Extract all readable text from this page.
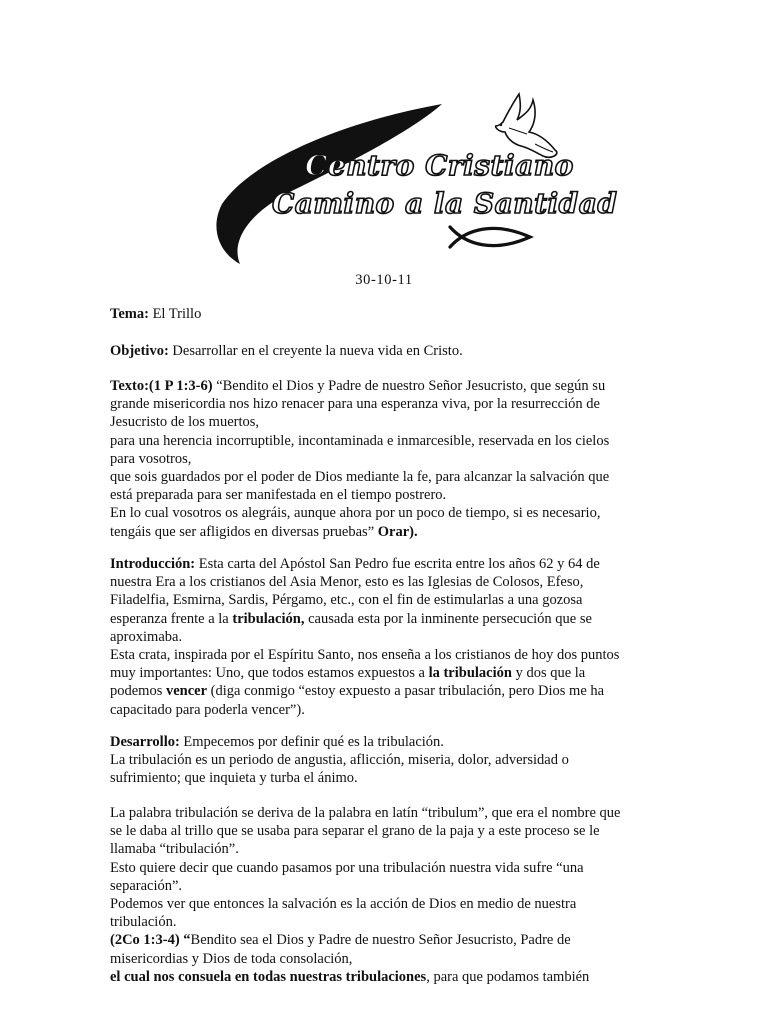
Centro Cristiano
Camino a la Santidad
30-10-11

Tema: El Trillo

Objetivo: Desarrollar en el creyente la nueva vida en Cristo.

Texto:(1 P 1:3-6) “Bendito el Dios y Padre de nuestro Señor Jesucristo, que según su
grande misericordia nos hizo renacer para una esperanza viva, por la resurrección de
Jesucristo de los muertos,
para una herencia incorruptible, incontaminada e inmarcesible, reservada en los cielos
para vosotros,
que sois guardados por el poder de Dios mediante la fe, para alcanzar la salvación que
está preparada para ser manifestada en el tiempo postrero.
En lo cual vosotros os alegráis, aunque ahora por un poco de tiempo, si es necesario,
tengáis que ser afligidos en diversas pruebas” Orar).

Introducción: Esta carta del Apóstol San Pedro fue escrita entre los años 62 y 64 de
nuestra Era a los cristianos del Asia Menor, esto es las Iglesias de Colosos, Efeso,
Filadelfia, Esmirna, Sardis, Pérgamo, etc., con el fin de estimularlas a una gozosa
esperanza frente a la tribulación, causada esta por la inminente persecución que se
aproximaba.
Esta crata, inspirada por el Espíritu Santo, nos enseña a los cristianos de hoy dos puntos
muy importantes: Uno, que todos estamos expuestos a la tribulación y dos que la
podemos vencer (diga conmigo “estoy expuesto a pasar tribulación, pero Dios me ha
capacitado para poderla vencer”).

Desarrollo: Empecemos por definir qué es la tribulación.
La tribulación es un periodo de angustia, aflicción, miseria, dolor, adversidad o
sufrimiento; que inquieta y turba el ánimo.

La palabra tribulación se deriva de la palabra en latín “tribulum”, que era el nombre que
se le daba al trillo que se usaba para separar el grano de la paja y a este proceso se le
llamaba “tribulación”.
Esto quiere decir que cuando pasamos por una tribulación nuestra vida sufre “una
separación”.
Podemos ver que entonces la salvación es la acción de Dios en medio de nuestra
tribulación.
(2Co 1:3-4) “Bendito sea el Dios y Padre de nuestro Señor Jesucristo, Padre de
misericordias y Dios de toda consolación,
el cual nos consuela en todas nuestras tribulaciones, para que podamos también
